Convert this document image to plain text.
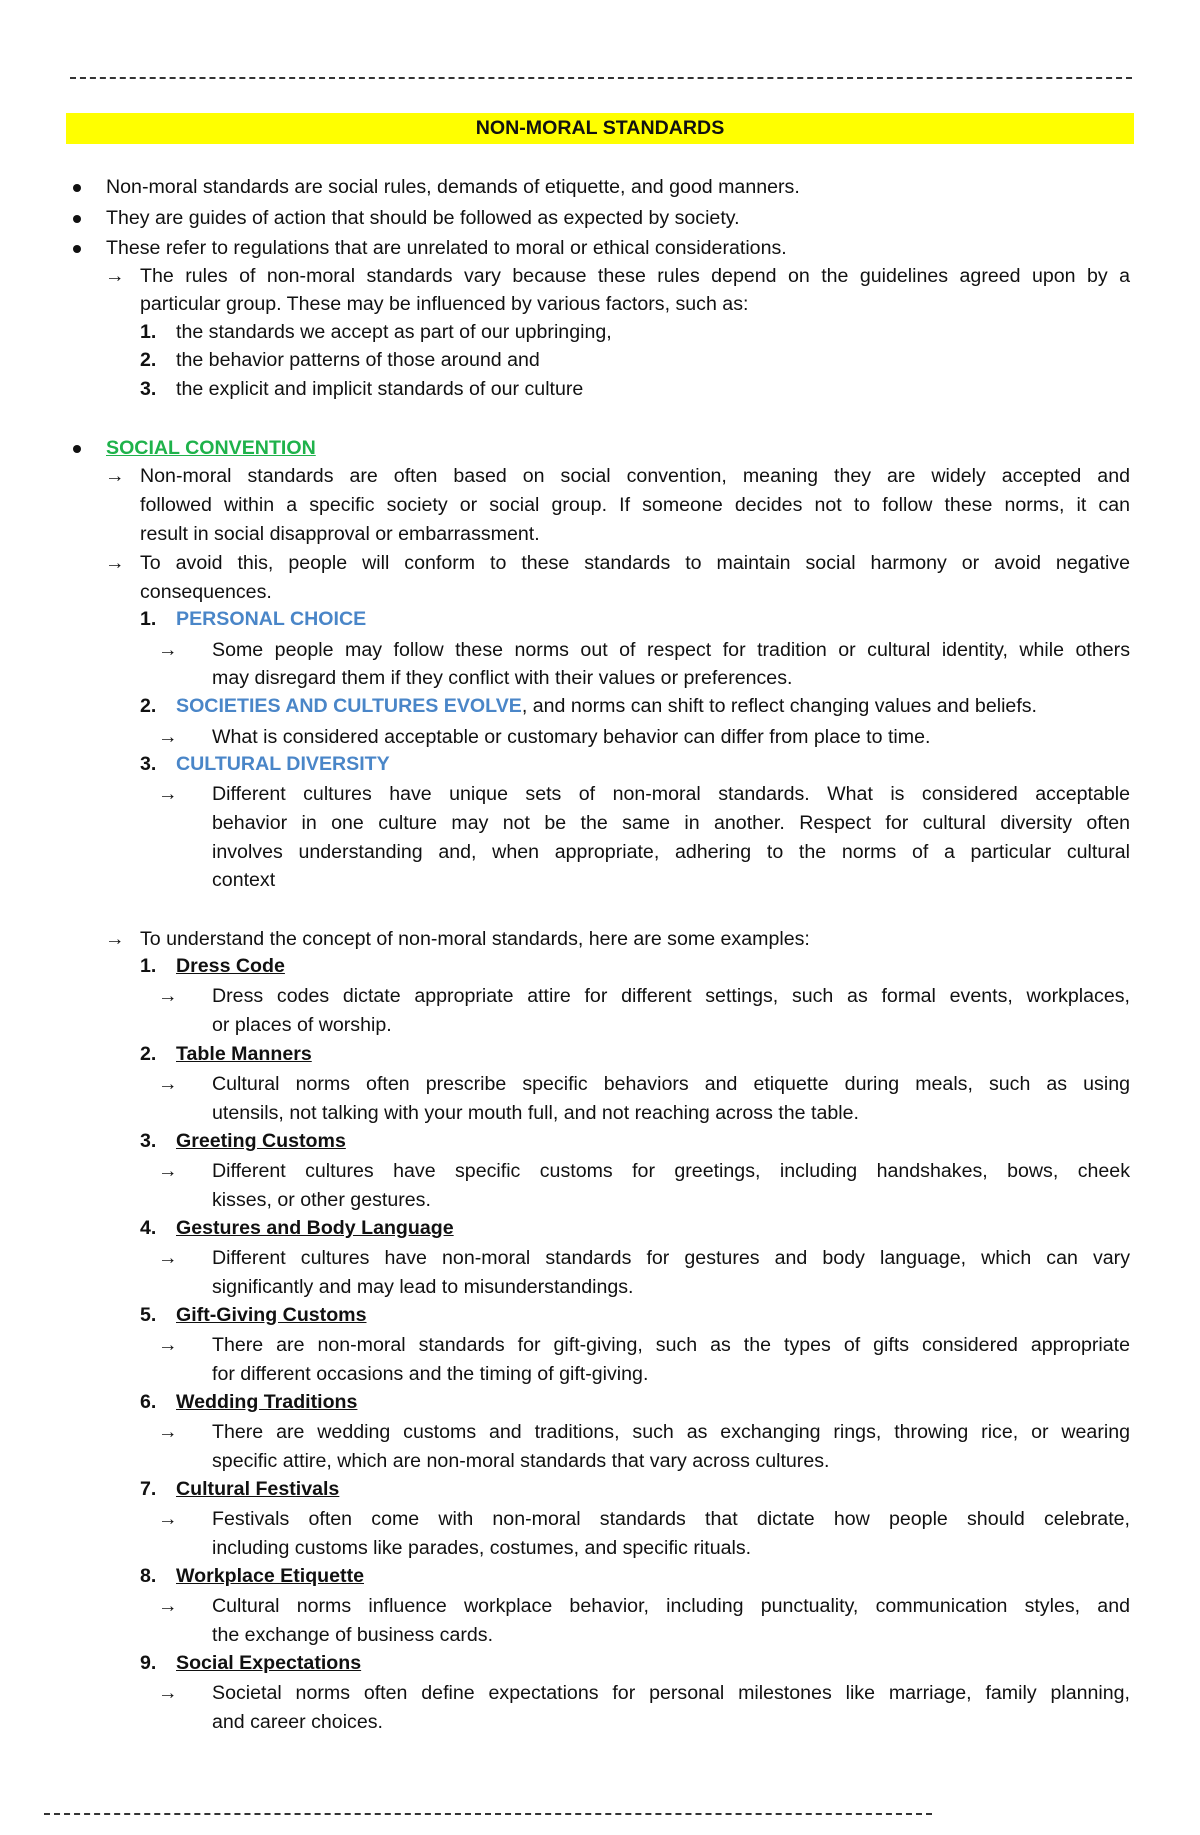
NON-MORAL STANDARDS
Non-moral standards are social rules, demands of etiquette, and good manners.
They are guides of action that should be followed as expected by society.
These refer to regulations that are unrelated to moral or ethical considerations.
→ The rules of non-moral standards vary because these rules depend on the guidelines agreed upon by a
particular group. These may be influenced by various factors, such as:
1. the standards we accept as part of our upbringing,
2. the behavior patterns of those around and
3. the explicit and implicit standards of our culture
SOCIAL CONVENTION
→ Non-moral standards are often based on social convention, meaning they are widely accepted and
followed within a specific society or social group. If someone decides not to follow these norms, it can
result in social disapproval or embarrassment.
→ To avoid this, people will conform to these standards to maintain social harmony or avoid negative
consequences.
1. PERSONAL CHOICE
→ Some people may follow these norms out of respect for tradition or cultural identity, while others
may disregard them if they conflict with their values or preferences.
2. SOCIETIES AND CULTURES EVOLVE, and norms can shift to reflect changing values and beliefs.
→ What is considered acceptable or customary behavior can differ from place to time.
3. CULTURAL DIVERSITY
→ Different cultures have unique sets of non-moral standards. What is considered acceptable
behavior in one culture may not be the same in another. Respect for cultural diversity often
involves understanding and, when appropriate, adhering to the norms of a particular cultural
context
→ To understand the concept of non-moral standards, here are some examples:
1. Dress Code
→ Dress codes dictate appropriate attire for different settings, such as formal events, workplaces,
or places of worship.
2. Table Manners
→ Cultural norms often prescribe specific behaviors and etiquette during meals, such as using
utensils, not talking with your mouth full, and not reaching across the table.
3. Greeting Customs
→ Different cultures have specific customs for greetings, including handshakes, bows, cheek
kisses, or other gestures.
4. Gestures and Body Language
→ Different cultures have non-moral standards for gestures and body language, which can vary
significantly and may lead to misunderstandings.
5. Gift-Giving Customs
→ There are non-moral standards for gift-giving, such as the types of gifts considered appropriate
for different occasions and the timing of gift-giving.
6. Wedding Traditions
→ There are wedding customs and traditions, such as exchanging rings, throwing rice, or wearing
specific attire, which are non-moral standards that vary across cultures.
7. Cultural Festivals
→ Festivals often come with non-moral standards that dictate how people should celebrate,
including customs like parades, costumes, and specific rituals.
8. Workplace Etiquette
→ Cultural norms influence workplace behavior, including punctuality, communication styles, and
the exchange of business cards.
9. Social Expectations
→ Societal norms often define expectations for personal milestones like marriage, family planning,
and career choices.
